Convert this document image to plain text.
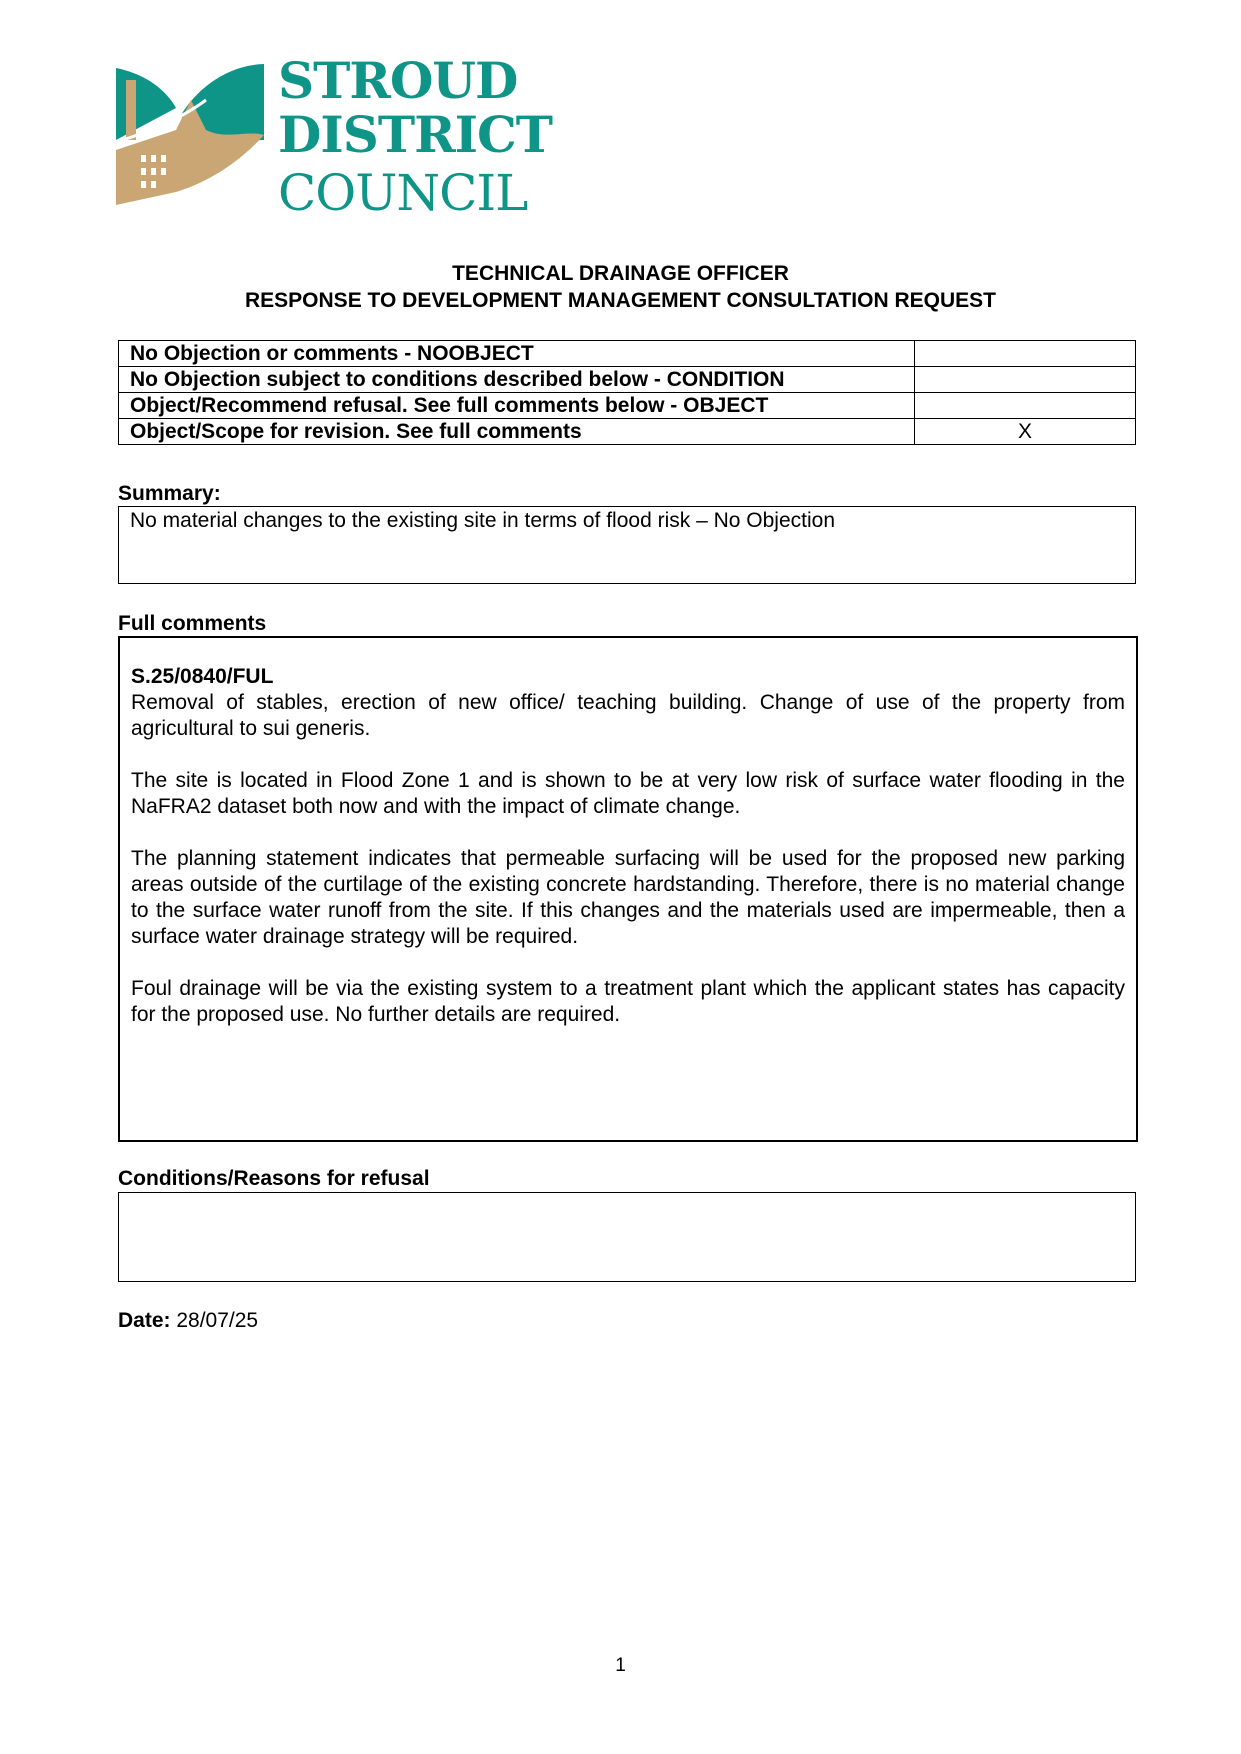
STROUD
DISTRICT
COUNCIL
TECHNICAL DRAINAGE OFFICER
RESPONSE TO DEVELOPMENT MANAGEMENT CONSULTATION REQUEST
No Objection or comments - NOOBJECT	
No Objection subject to conditions described below - CONDITION	
Object/Recommend refusal. See full comments below - OBJECT	
Object/Scope for revision. See full comments	X
Summary:
No material changes to the existing site in terms of flood risk – No Objection
Full comments
S.25/0840/FUL

Removal of stables, erection of new office/ teaching building. Change of use of the property from agricultural to sui generis.

The site is located in Flood Zone 1 and is shown to be at very low risk of surface water flooding in the NaFRA2 dataset both now and with the impact of climate change.

The planning statement indicates that permeable surfacing will be used for the proposed new parking areas outside of the curtilage of the existing concrete hardstanding. Therefore, there is no material change to the surface water runoff from the site. If this changes and the materials used are impermeable, then a surface water drainage strategy will be required.

Foul drainage will be via the existing system to a treatment plant which the applicant states has capacity for the proposed use. No further details are required.

Conditions/Reasons for refusal
Date: 28/07/25
1
